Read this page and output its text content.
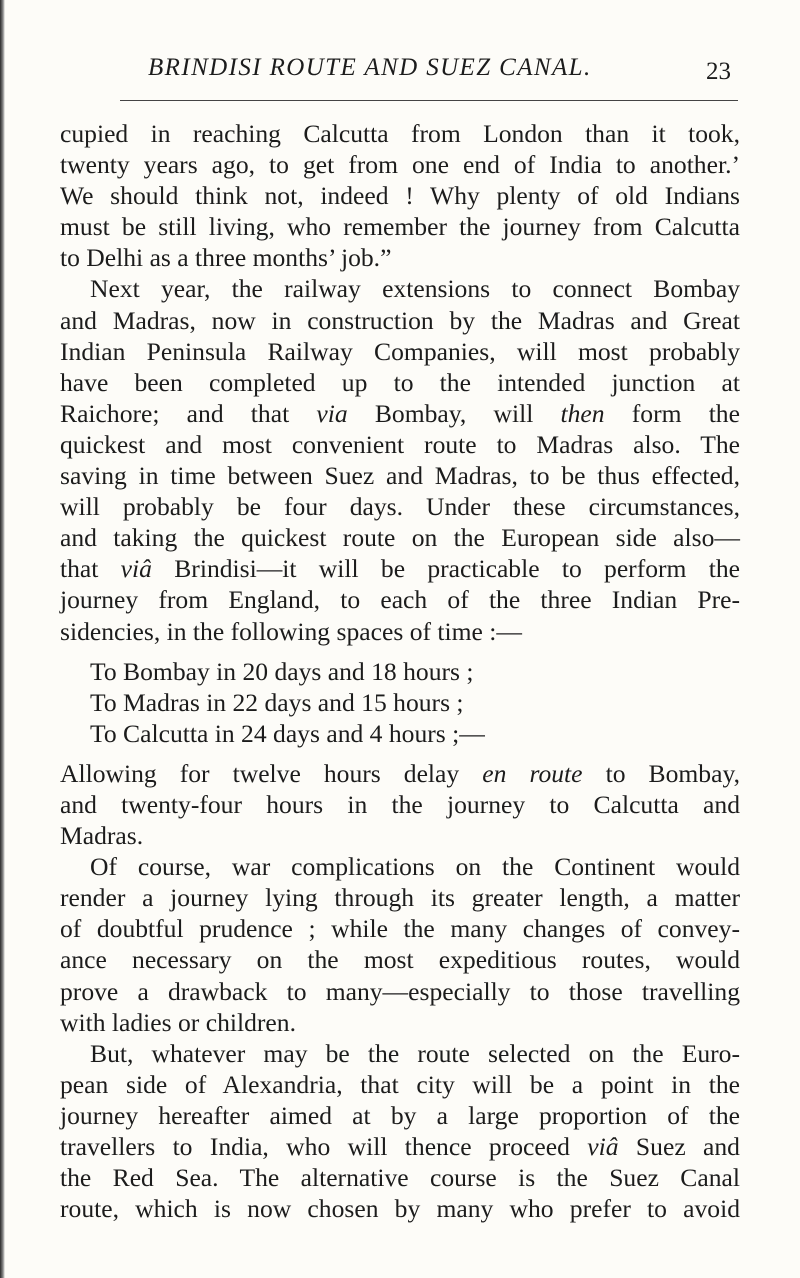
BRINDISI ROUTE AND SUEZ CANAL.	23

cupied in reaching Calcutta from London than it took,

twenty years ago, to get from one end of India to another.’

We should think not, indeed ! Why plenty of old Indians

must be still living, who remember the journey from Calcutta

to Delhi as a three months’ job.”

Next year, the railway extensions to connect Bombay

and Madras, now in construction by the Madras and Great

Indian Peninsula Railway Companies, will most probably

have been completed up to the intended junction at

Raichore; and that via Bombay, will then form the

quickest and most convenient route to Madras also. The

saving in time between Suez and Madras, to be thus effected,

will probably be four days. Under these circumstances,

and taking the quickest route on the European side also—

that viâ Brindisi—it will be practicable to perform the

journey from England, to each of the three Indian Pre-

sidencies, in the following spaces of time :—

To Bombay in 20 days and 18 hours ;

To Madras in 22 days and 15 hours ;

To Calcutta in 24 days and 4 hours ;—

Allowing for twelve hours delay en route to Bombay,

and twenty-four hours in the journey to Calcutta and

Madras.

Of course, war complications on the Continent would

render a journey lying through its greater length, a matter

of doubtful prudence ; while the many changes of convey-

ance necessary on the most expeditious routes, would

prove a drawback to many—especially to those travelling

with ladies or children.

But, whatever may be the route selected on the Euro-

pean side of Alexandria, that city will be a point in the

journey hereafter aimed at by a large proportion of the

travellers to India, who will thence proceed viâ Suez and

the Red Sea. The alternative course is the Suez Canal

route, which is now chosen by many who prefer to avoid
